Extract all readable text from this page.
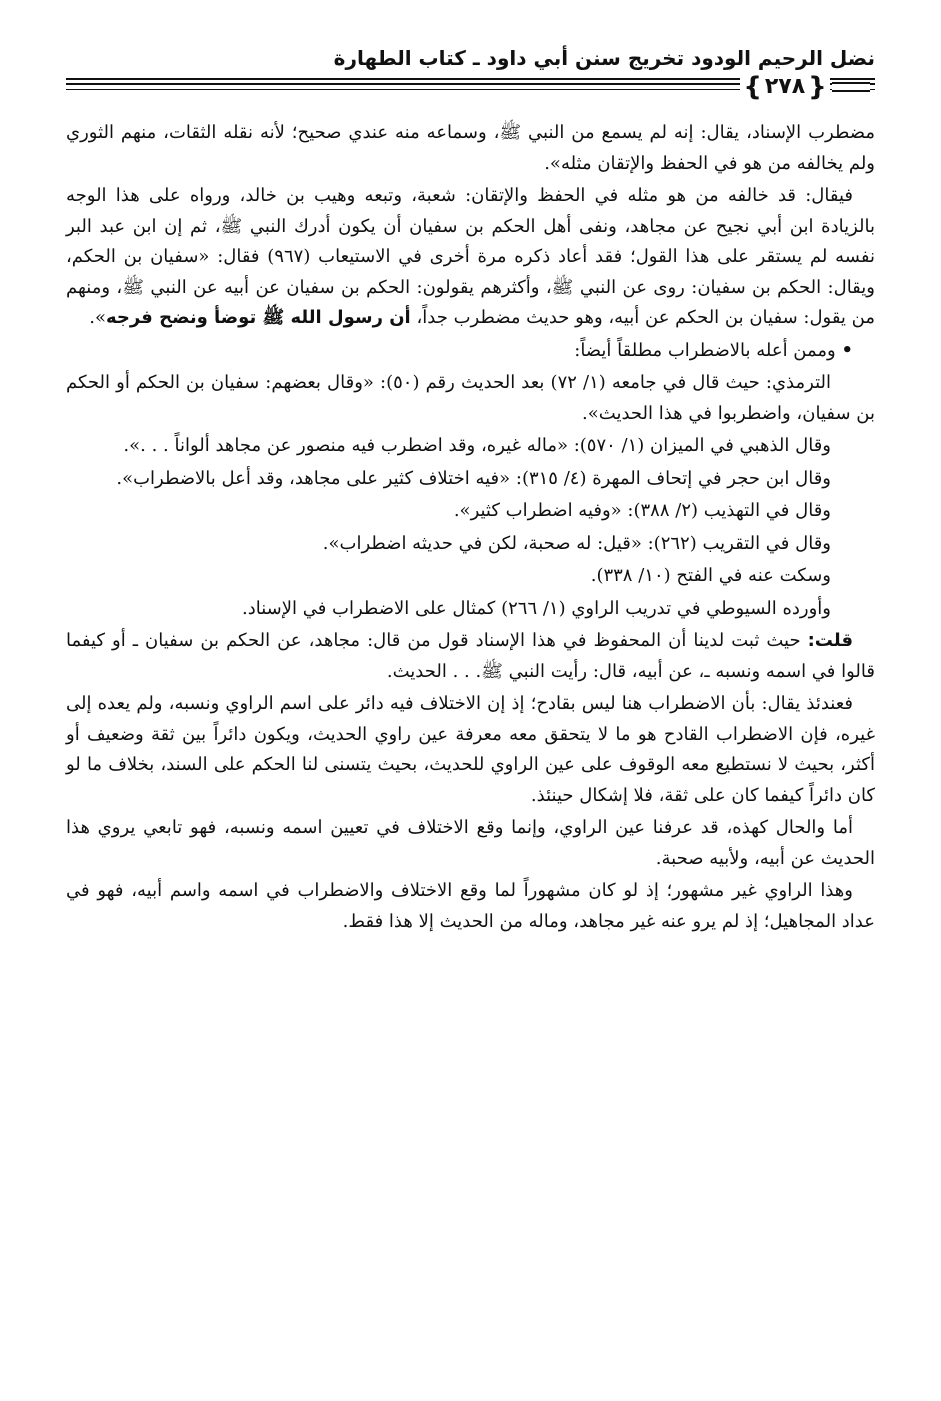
نضل الرحيم الودود تخريج سنن أبي داود ـ كتاب الطهارة
{ ٢٧٨ }

مضطرب الإسناد، يقال: إنه لم يسمع من النبي ﷺ، وسماعه منه عندي صحيح؛ لأنه نقله الثقات، منهم الثوري ولم يخالفه من هو في الحفظ والإتقان مثله».

فيقال: قد خالفه من هو مثله في الحفظ والإتقان: شعبة، وتبعه وهيب بن خالد، ورواه على هذا الوجه بالزيادة ابن أبي نجيح عن مجاهد، ونفى أهل الحكم بن سفيان أن يكون أدرك النبي ﷺ، ثم إن ابن عبد البر نفسه لم يستقر على هذا القول؛ فقد أعاد ذكره مرة أخرى في الاستيعاب (٩٦٧) فقال: «سفيان بن الحكم، ويقال: الحكم بن سفيان: روى عن النبي ﷺ، وأكثرهم يقولون: الحكم بن سفيان عن أبيه عن النبي ﷺ، ومنهم من يقول: سفيان بن الحكم عن أبيه، وهو حديث مضطرب جداً، أن رسول الله ﷺ توضأ ونضح فرجه».

• وممن أعله بالاضطراب مطلقاً أيضاً:

الترمذي: حيث قال في جامعه (١/ ٧٢) بعد الحديث رقم (٥٠): «وقال بعضهم: سفيان بن الحكم أو الحكم بن سفيان، واضطربوا في هذا الحديث».

وقال الذهبي في الميزان (١/ ٥٧٠): «ماله غيره، وقد اضطرب فيه منصور عن مجاهد ألواناً . . .».

وقال ابن حجر في إتحاف المهرة (٤/ ٣١٥): «فيه اختلاف كثير على مجاهد، وقد أعل بالاضطراب».

وقال في التهذيب (٢/ ٣٨٨): «وفيه اضطراب كثير».

وقال في التقريب (٢٦٢): «قيل: له صحبة، لكن في حديثه اضطراب».

وسكت عنه في الفتح (١٠/ ٣٣٨).

وأورده السيوطي في تدريب الراوي (١/ ٢٦٦) كمثال على الاضطراب في الإسناد.

قلت: حيث ثبت لدينا أن المحفوظ في هذا الإسناد قول من قال: مجاهد، عن الحكم بن سفيان ـ أو كيفما قالوا في اسمه ونسبه ـ، عن أبيه، قال: رأيت النبي ﷺ. . . الحديث.

فعندئذ يقال: بأن الاضطراب هنا ليس بقادح؛ إذ إن الاختلاف فيه دائر على اسم الراوي ونسبه، ولم يعده إلى غيره، فإن الاضطراب القادح هو ما لا يتحقق معه معرفة عين راوي الحديث، ويكون دائراً بين ثقة وضعيف أو أكثر، بحيث لا نستطيع معه الوقوف على عين الراوي للحديث، بحيث يتسنى لنا الحكم على السند، بخلاف ما لو كان دائراً كيفما كان على ثقة، فلا إشكال حينئذ.

أما والحال كهذه، قد عرفنا عين الراوي، وإنما وقع الاختلاف في تعيين اسمه ونسبه، فهو تابعي يروي هذا الحديث عن أبيه، ولأبيه صحبة.

وهذا الراوي غير مشهور؛ إذ لو كان مشهوراً لما وقع الاختلاف والاضطراب في اسمه واسم أبيه، فهو في عداد المجاهيل؛ إذ لم يرو عنه غير مجاهد، وماله من الحديث إلا هذا فقط.
